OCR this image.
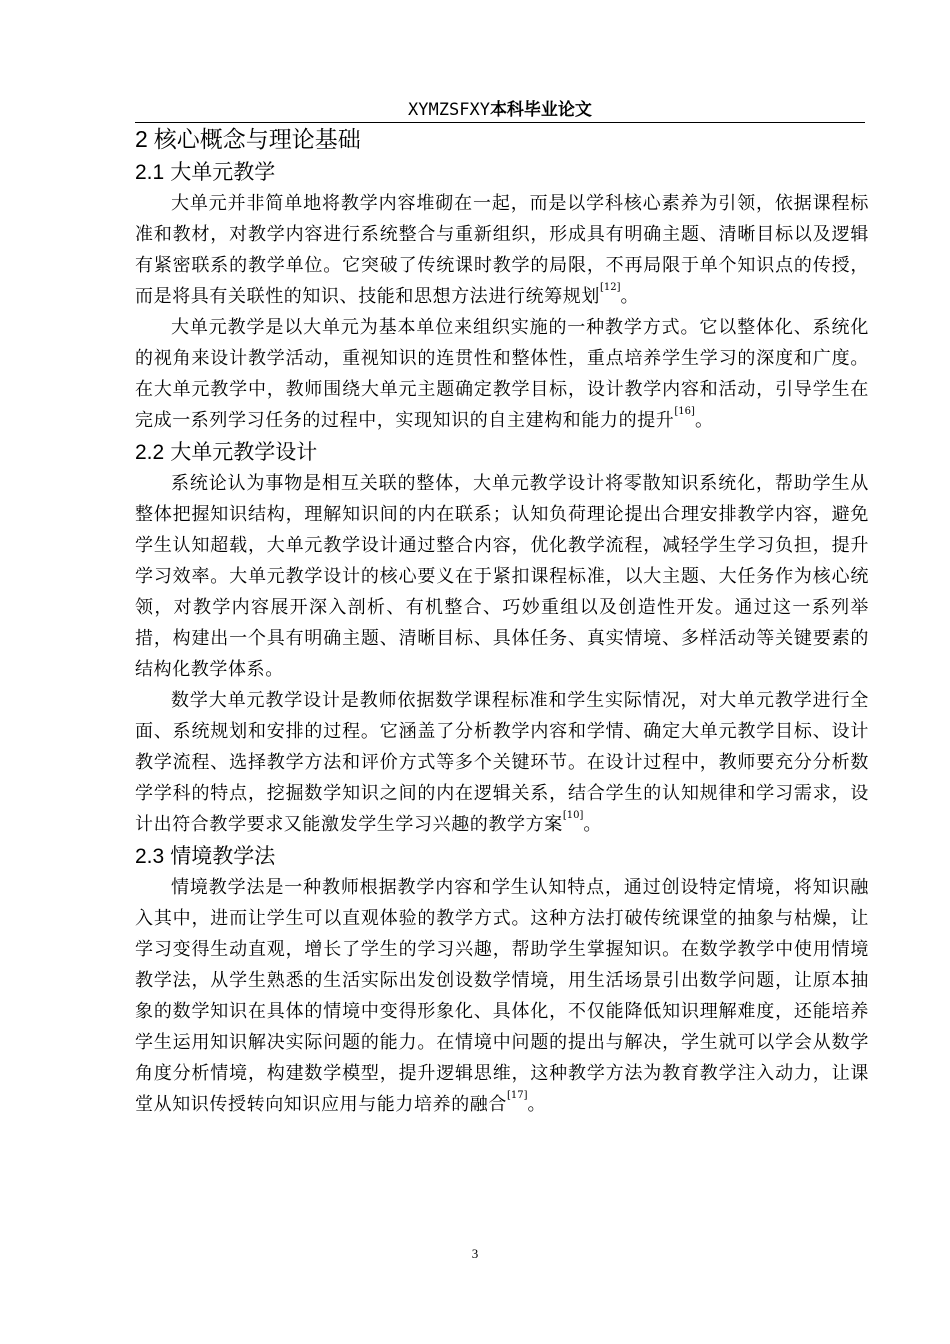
XYMZSFXY本科毕业论文
2 核心概念与理论基础
2.1 大单元教学

大单元并非简单地将教学内容堆砌在一起，而是以学科核心素养为引领，依据课程标准和教材，对教学内容进行系统整合与重新组织，形成具有明确主题、清晰目标以及逻辑有紧密联系的教学单位。它突破了传统课时教学的局限，不再局限于单个知识点的传授，而是将具有关联性的知识、技能和思想方法进行统筹规划[12]。

大单元教学是以大单元为基本单位来组织实施的一种教学方式。它以整体化、系统化的视角来设计教学活动，重视知识的连贯性和整体性，重点培养学生学习的深度和广度。在大单元教学中，教师围绕大单元主题确定教学目标，设计教学内容和活动，引导学生在完成一系列学习任务的过程中，实现知识的自主建构和能力的提升[16]。

2.2 大单元教学设计

系统论认为事物是相互关联的整体，大单元教学设计将零散知识系统化，帮助学生从整体把握知识结构，理解知识间的内在联系；认知负荷理论提出合理安排教学内容，避免学生认知超载，大单元教学设计通过整合内容，优化教学流程，减轻学生学习负担，提升学习效率。大单元教学设计的核心要义在于紧扣课程标准，以大主题、大任务作为核心统领，对教学内容展开深入剖析、有机整合、巧妙重组以及创造性开发。通过这一系列举措，构建出一个具有明确主题、清晰目标、具体任务、真实情境、多样活动等关键要素的结构化教学体系。

数学大单元教学设计是教师依据数学课程标准和学生实际情况，对大单元教学进行全面、系统规划和安排的过程。它涵盖了分析教学内容和学情、确定大单元教学目标、设计教学流程、选择教学方法和评价方式等多个关键环节。在设计过程中，教师要充分分析数学学科的特点，挖掘数学知识之间的内在逻辑关系，结合学生的认知规律和学习需求，设计出符合教学要求又能激发学生学习兴趣的教学方案[10]。

2.3 情境教学法

情境教学法是一种教师根据教学内容和学生认知特点，通过创设特定情境，将知识融入其中，进而让学生可以直观体验的教学方式。这种方法打破传统课堂的抽象与枯燥，让学习变得生动直观，增长了学生的学习兴趣，帮助学生掌握知识。在数学教学中使用情境教学法，从学生熟悉的生活实际出发创设数学情境，用生活场景引出数学问题，让原本抽象的数学知识在具体的情境中变得形象化、具体化，不仅能降低知识理解难度，还能培养学生运用知识解决实际问题的能力。在情境中问题的提出与解决，学生就可以学会从数学角度分析情境，构建数学模型，提升逻辑思维，这种教学方法为教育教学注入动力，让课堂从知识传授转向知识应用与能力培养的融合[17]。

3
